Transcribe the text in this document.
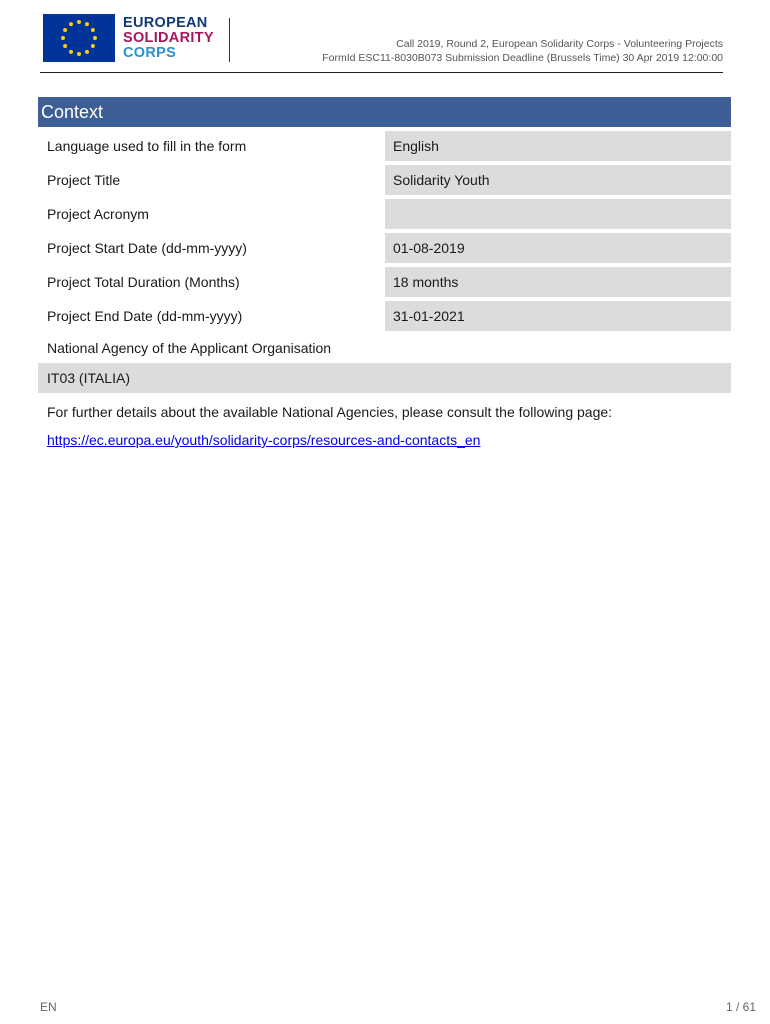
EUROPEAN
SOLIDARITY
CORPS
Call 2019, Round 2, European Solidarity Corps - Volunteering Projects
FormId ESC11-8030B073 Submission Deadline (Brussels Time) 30 Apr 2019 12:00:00
Context
Language used to fill in the form	English
Project Title	Solidarity Youth
Project Acronym
Project Start Date (dd-mm-yyyy)	01-08-2019
Project Total Duration (Months)	18 months
Project End Date (dd-mm-yyyy)	31-01-2021
National Agency of the Applicant Organisation
IT03 (ITALIA)
For further details about the available National Agencies, please consult the following page:
https://ec.europa.eu/youth/solidarity-corps/resources-and-contacts_en
EN	1 / 61
